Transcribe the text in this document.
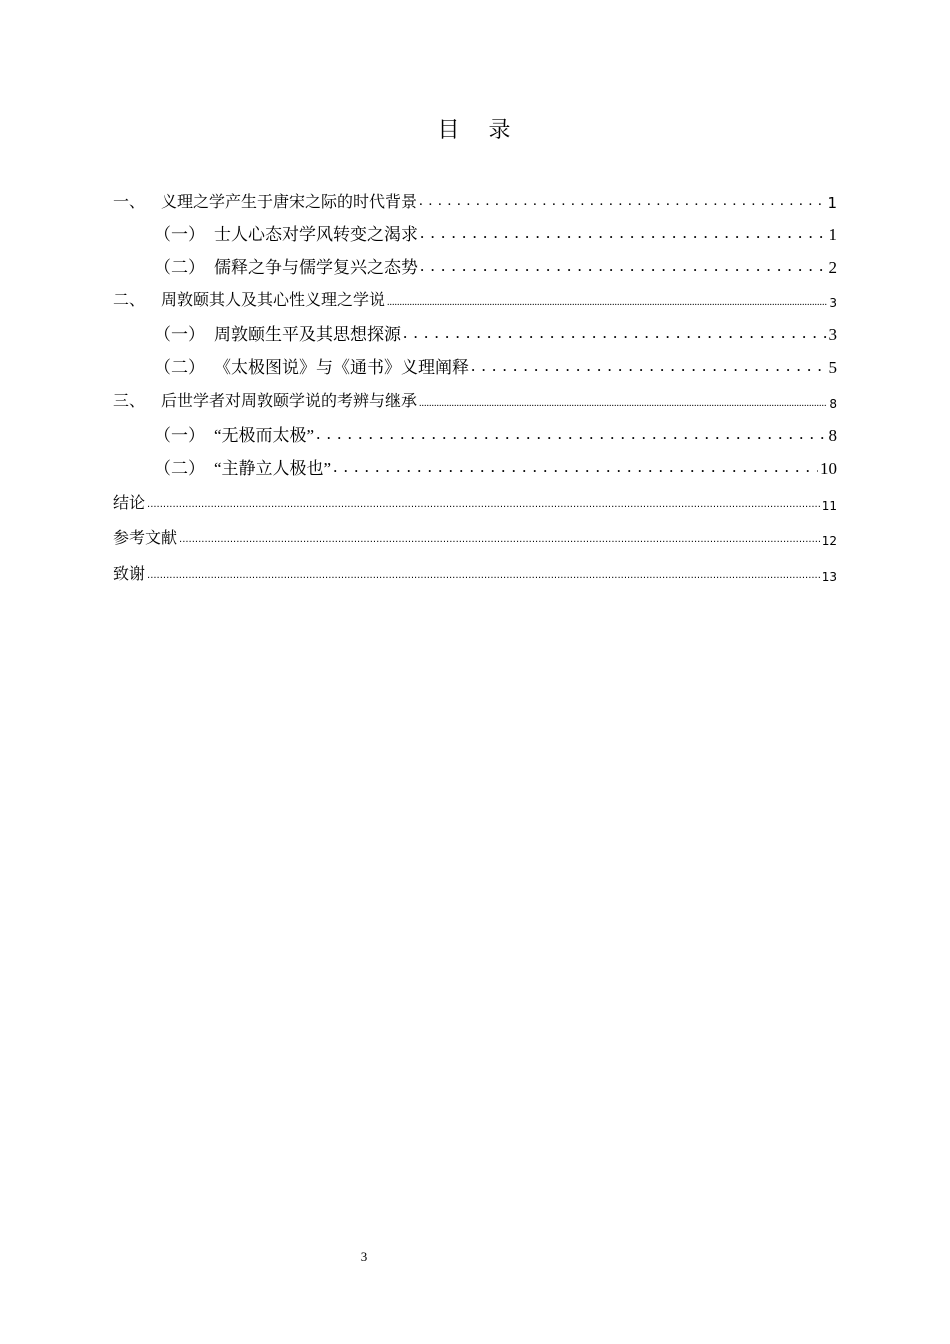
目 录
一、 义理之学产生于唐宋之际的时代背景 . . .	1
（一） 士人心态对学风转变之渴求 . . .	1
（二） 儒释之争与儒学复兴之态势 . . .	2
二、 周敦颐其人及其心性义理之学说 .....	3
（一） 周敦颐生平及其思想探源 . . .	3
（二） 《太极图说》与《通书》义理阐释 . . .	5
三、 后世学者对周敦颐学说的考辨与继承 .....	8
（一） “无极而太极” . . .	8
（二） “主静立人极也” . . .	10
结论 .....	11
参考文献 .....	12
致谢 .....	13
3
